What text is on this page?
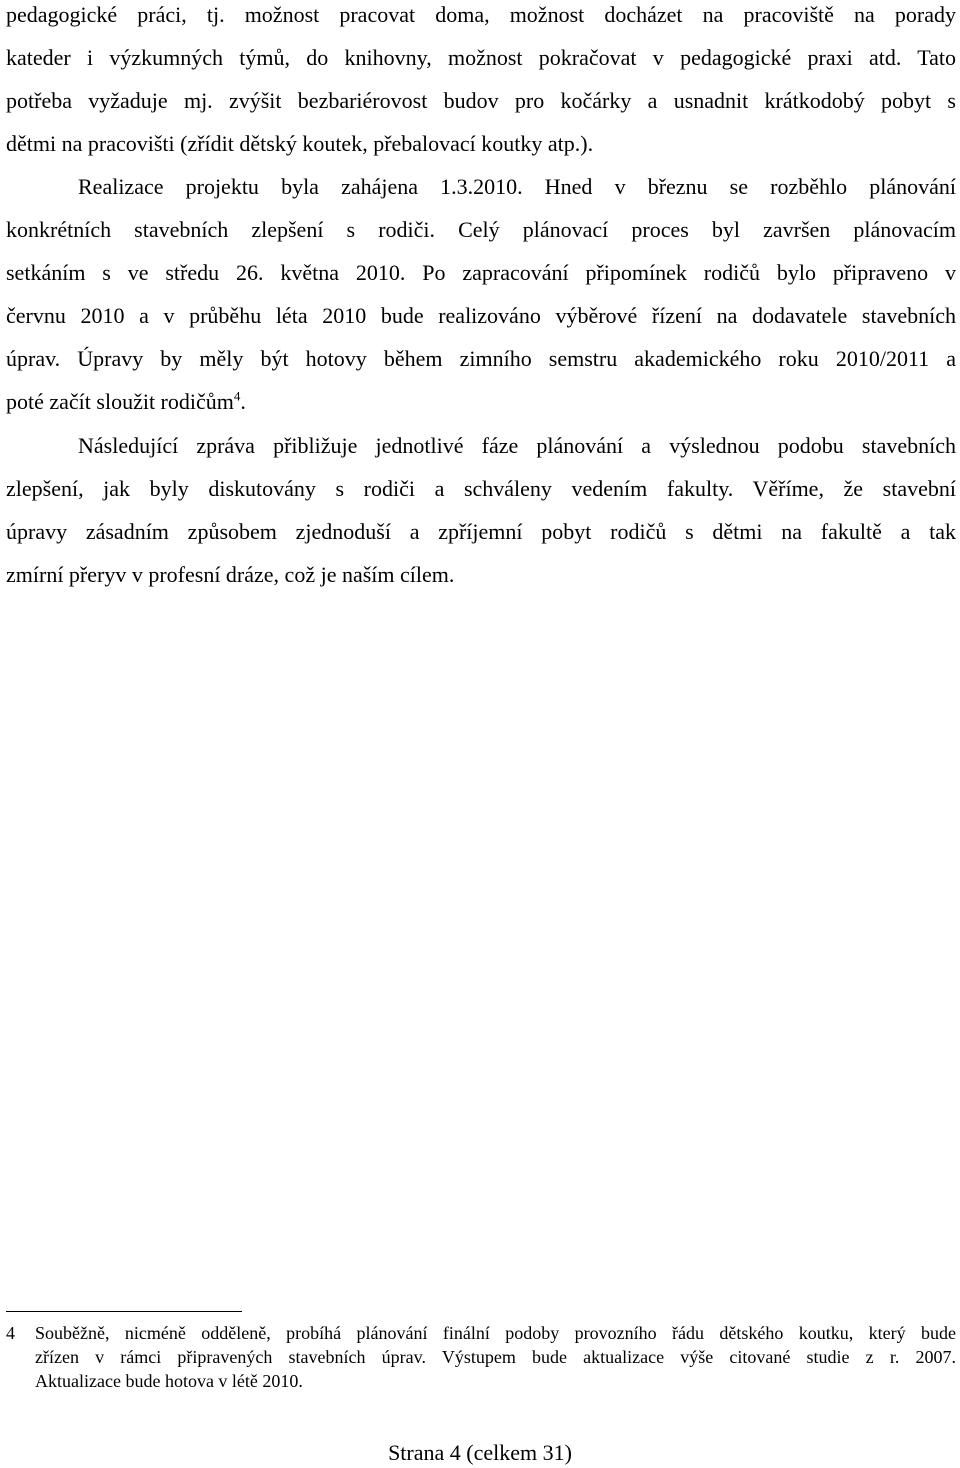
pedagogické práci, tj. možnost pracovat doma, možnost docházet na pracoviště na porady
kateder i výzkumných týmů, do knihovny, možnost pokračovat v pedagogické praxi atd. Tato
potřeba vyžaduje mj. zvýšit bezbariérovost budov pro kočárky a usnadnit krátkodobý pobyt s
dětmi na pracovišti (zřídit dětský koutek, přebalovací koutky atp.).
Realizace projektu byla zahájena 1.3.2010. Hned v březnu se rozběhlo plánování
konkrétních stavebních zlepšení s rodiči. Celý plánovací proces byl završen plánovacím
setkáním s ve středu 26. května 2010. Po zapracování připomínek rodičů bylo připraveno v
červnu 2010 a v průběhu léta 2010 bude realizováno výběrové řízení na dodavatele stavebních
úprav. Úpravy by měly být hotovy během zimního semstru akademického roku 2010/2011 a
poté začít sloužit rodičům$^4$.
Následující zpráva přibližuje jednotlivé fáze plánování a výslednou podobu stavebních
zlepšení, jak byly diskutovány s rodiči a schváleny vedením fakulty. Věříme, že stavební
úpravy zásadním způsobem zjednoduší a zpříjemní pobyt rodičů s dětmi na fakultě a tak
zmírní přeryv v profesní dráze, což je naším cílem.
4 Souběžně, nicméně odděleně, probíhá plánování finální podoby provozního řádu dětského koutku, který bude
zřízen v rámci připravených stavebních úprav. Výstupem bude aktualizace výše citované studie z r. 2007.
Aktualizace bude hotova v létě 2010.
Strana 4 (celkem 31)
